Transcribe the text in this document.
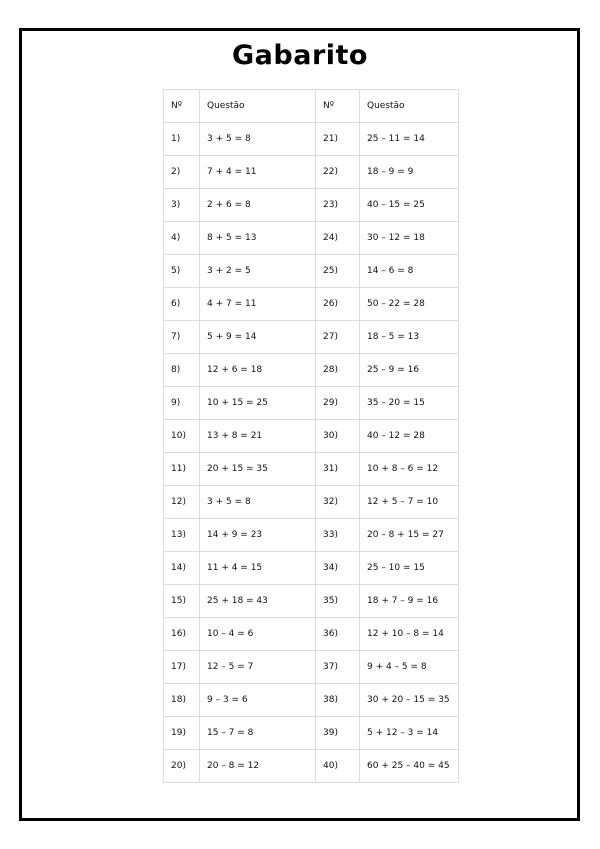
Gabarito
Nº	Questão	Nº	Questão
1)	3 + 5 = 8	21)	25 – 11 = 14
2)	7 + 4 = 11	22)	18 – 9 = 9
3)	2 + 6 = 8	23)	40 – 15 = 25
4)	8 + 5 = 13	24)	30 – 12 = 18
5)	3 + 2 = 5	25)	14 – 6 = 8
6)	4 + 7 = 11	26)	50 – 22 = 28
7)	5 + 9 = 14	27)	18 – 5 = 13
8)	12 + 6 = 18	28)	25 – 9 = 16
9)	10 + 15 = 25	29)	35 – 20 = 15
10)	13 + 8 = 21	30)	40 – 12 = 28
11)	20 + 15 = 35	31)	10 + 8 – 6 = 12
12)	3 + 5 = 8	32)	12 + 5 – 7 = 10
13)	14 + 9 = 23	33)	20 – 8 + 15 = 27
14)	11 + 4 = 15	34)	25 – 10 = 15
15)	25 + 18 = 43	35)	18 + 7 – 9 = 16
16)	10 – 4 = 6	36)	12 + 10 – 8 = 14
17)	12 – 5 = 7	37)	9 + 4 – 5 = 8
18)	9 – 3 = 6	38)	30 + 20 – 15 = 35
19)	15 – 7 = 8	39)	5 + 12 – 3 = 14
20)	20 – 8 = 12	40)	60 + 25 – 40 = 45
